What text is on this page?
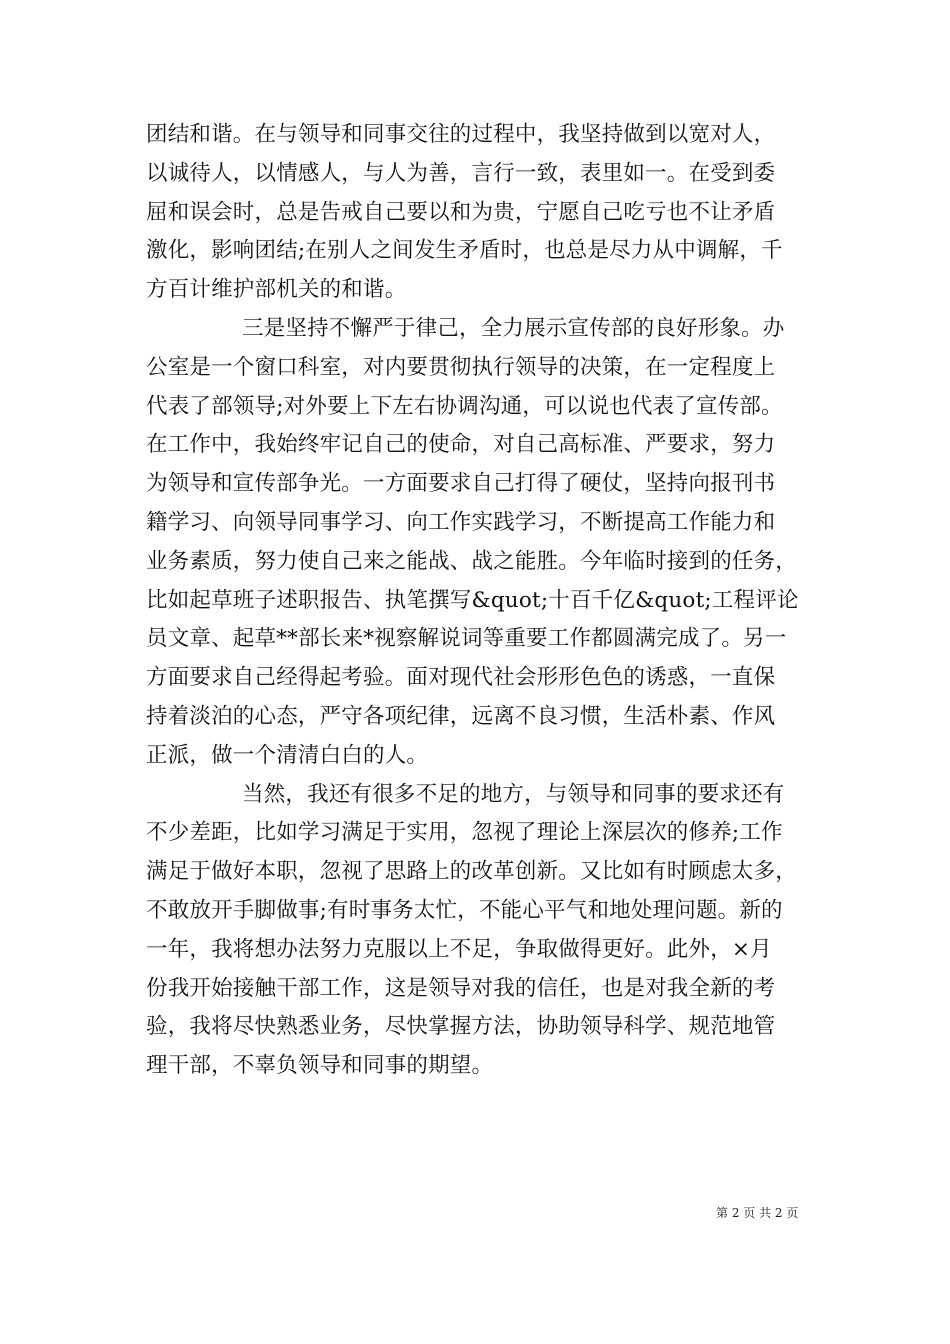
团结和谐。在与领导和同事交往的过程中，我坚持做到以宽对人，
以诚待人，以情感人，与人为善，言行一致，表里如一。在受到委
屈和误会时，总是告戒自己要以和为贵，宁愿自己吃亏也不让矛盾
激化，影响团结;在别人之间发生矛盾时，也总是尽力从中调解，千
方百计维护部机关的和谐。
三是坚持不懈严于律己，全力展示宣传部的良好形象。办
公室是一个窗口科室，对内要贯彻执行领导的决策，在一定程度上
代表了部领导;对外要上下左右协调沟通，可以说也代表了宣传部。
在工作中，我始终牢记自己的使命，对自己高标准、严要求，努力
为领导和宣传部争光。一方面要求自己打得了硬仗，坚持向报刊书
籍学习、向领导同事学习、向工作实践学习，不断提高工作能力和
业务素质，努力使自己来之能战、战之能胜。今年临时接到的任务，
比如起草班子述职报告、执笔撰写&quot;十百千亿&quot;工程评论
员文章、起草**部长来*视察解说词等重要工作都圆满完成了。另一
方面要求自己经得起考验。面对现代社会形形色色的诱惑，一直保
持着淡泊的心态，严守各项纪律，远离不良习惯，生活朴素、作风
正派，做一个清清白白的人。
当然，我还有很多不足的地方，与领导和同事的要求还有
不少差距，比如学习满足于实用，忽视了理论上深层次的修养;工作
满足于做好本职，忽视了思路上的改革创新。又比如有时顾虑太多，
不敢放开手脚做事;有时事务太忙，不能心平气和地处理问题。新的
一年，我将想办法努力克服以上不足，争取做得更好。此外，×月
份我开始接触干部工作，这是领导对我的信任，也是对我全新的考
验，我将尽快熟悉业务，尽快掌握方法，协助领导科学、规范地管
理干部，不辜负领导和同事的期望。
第 2 页 共 2 页
